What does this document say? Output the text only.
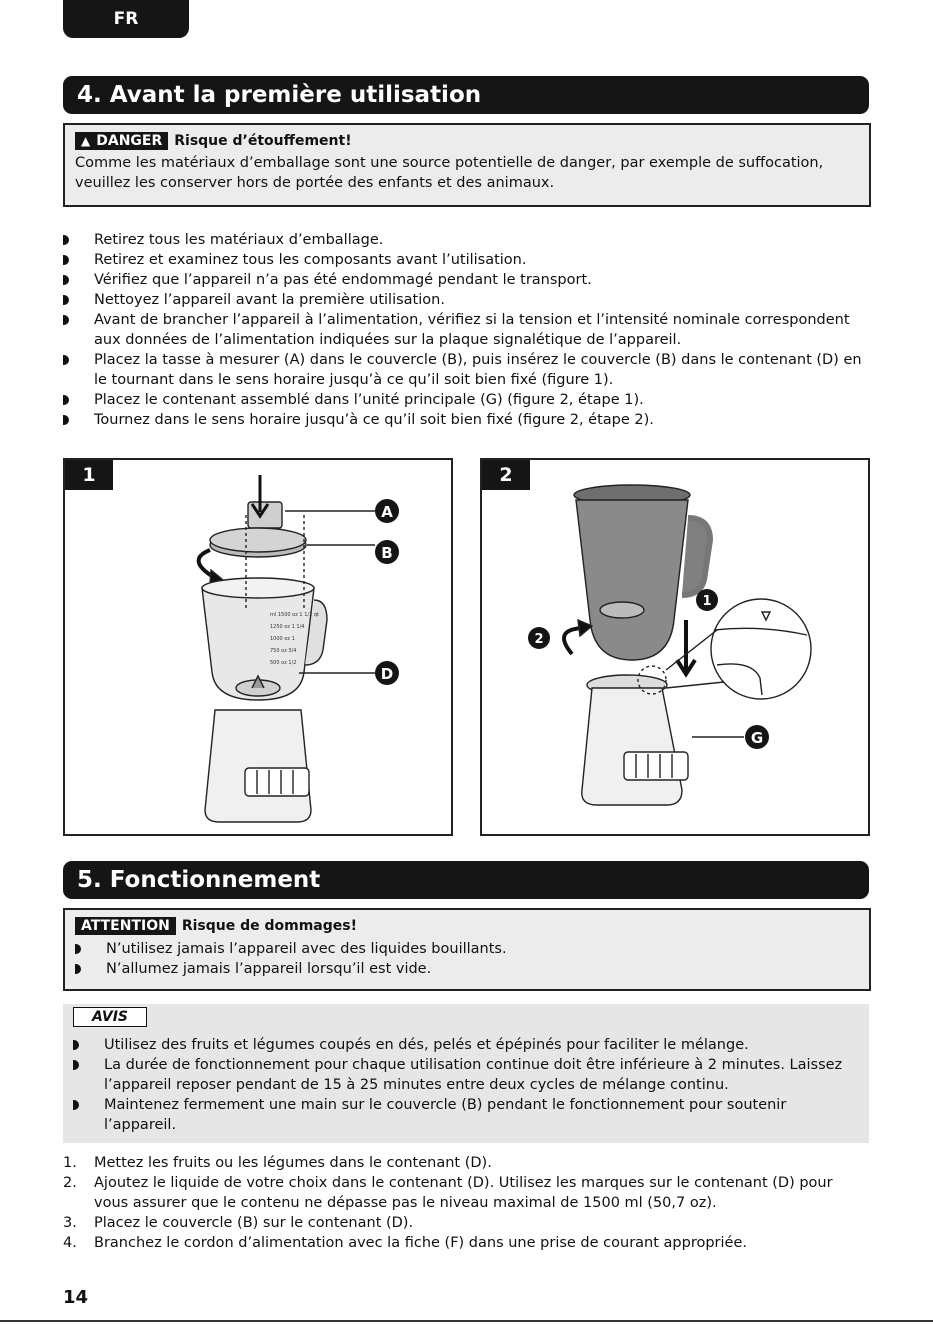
FR
4. Avant la première utilisation
▲ DANGER Risque d’étouffement!
Comme les matériaux d’emballage sont une source potentielle de danger, par exemple de suffocation, veuillez les conserver hors de portée des enfants et des animaux.
Retirez tous les matériaux d’emballage.
Retirez et examinez tous les composants avant l’utilisation.
Vérifiez que l’appareil n’a pas été endommagé pendant le transport.
Nettoyez l’appareil avant la première utilisation.
Avant de brancher l’appareil à l’alimentation, vérifiez si la tension et l’intensité nominale correspondent aux données de l’alimentation indiquées sur la plaque signalétique de l’appareil.
Placez la tasse à mesurer (A) dans le couvercle (B), puis insérez le couvercle (B) dans le contenant (D) en le tournant dans le sens horaire jusqu’à ce qu’il soit bien fixé (figure 1).
Placez le contenant assemblé dans l’unité principale (G) (figure 2, étape 1).
Tournez dans le sens horaire jusqu’à ce qu’il soit bien fixé (figure 2, étape 2).
1
ml 1500 oz 1 1/2 qt
1250 oz 1 1/4
1000 oz 1
750 oz 3/4
500 oz 1/2
A
B
D
2
1
2
G
5. Fonctionnement
ATTENTION Risque de dommages!
N’utilisez jamais l’appareil avec des liquides bouillants.
N’allumez jamais l’appareil lorsqu’il est vide.
AVIS
Utilisez des fruits et légumes coupés en dés, pelés et épépinés pour faciliter le mélange.
La durée de fonctionnement pour chaque utilisation continue doit être inférieure à 2 minutes. Laissez l’appareil reposer pendant de 15 à 25 minutes entre deux cycles de mélange continu.
Maintenez fermement une main sur le couvercle (B) pendant le fonctionnement pour soutenir l’appareil.
1. Mettez les fruits ou les légumes dans le contenant (D).
2. Ajoutez le liquide de votre choix dans le contenant (D). Utilisez les marques sur le contenant (D) pour vous assurer que le contenu ne dépasse pas le niveau maximal de 1500 ml (50,7 oz).
3. Placez le couvercle (B) sur le contenant (D).
4. Branchez le cordon d’alimentation avec la fiche (F) dans une prise de courant appropriée.
14
